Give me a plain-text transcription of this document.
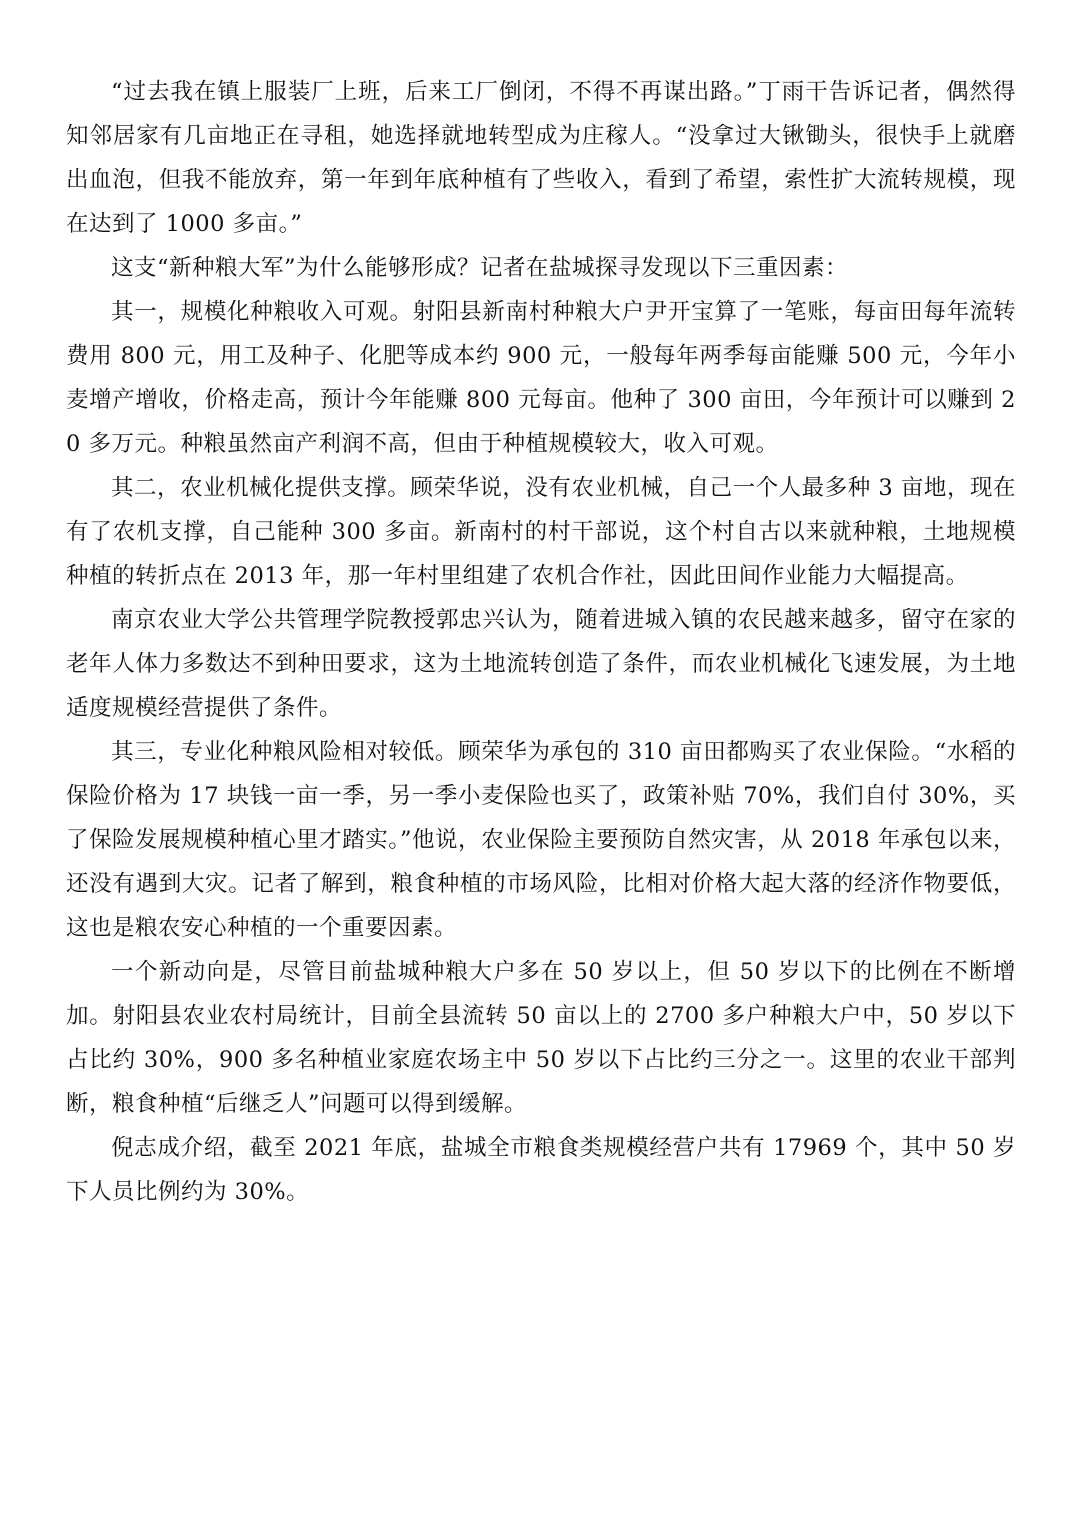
“过去我在镇上服装厂上班，后来工厂倒闭，不得不再谋出路。”丁雨干告诉记者，偶然得知邻居家有几亩地正在寻租，她选择就地转型成为庄稼人。“没拿过大锹锄头，很快手上就磨出血泡，但我不能放弃，第一年到年底种植有了些收入，看到了希望，索性扩大流转规模，现在达到了 1000 多亩。”

这支“新种粮大军”为什么能够形成？记者在盐城探寻发现以下三重因素：

其一，规模化种粮收入可观。射阳县新南村种粮大户尹开宝算了一笔账，每亩田每年流转费用 800 元，用工及种子、化肥等成本约 900 元，一般每年两季每亩能赚 500 元，今年小麦增产增收，价格走高，预计今年能赚 800 元每亩。他种了 300 亩田，今年预计可以赚到 20 多万元。种粮虽然亩产利润不高，但由于种植规模较大，收入可观。

其二，农业机械化提供支撑。顾荣华说，没有农业机械，自己一个人最多种 3 亩地，现在有了农机支撑，自己能种 300 多亩。新南村的村干部说，这个村自古以来就种粮，土地规模种植的转折点在 2013 年，那一年村里组建了农机合作社，因此田间作业能力大幅提高。

南京农业大学公共管理学院教授郭忠兴认为，随着进城入镇的农民越来越多，留守在家的老年人体力多数达不到种田要求，这为土地流转创造了条件，而农业机械化飞速发展，为土地适度规模经营提供了条件。

其三，专业化种粮风险相对较低。顾荣华为承包的 310 亩田都购买了农业保险。“水稻的保险价格为 17 块钱一亩一季，另一季小麦保险也买了，政策补贴 70%，我们自付 30%，买了保险发展规模种植心里才踏实。”他说，农业保险主要预防自然灾害，从 2018 年承包以来，还没有遇到大灾。记者了解到，粮食种植的市场风险，比相对价格大起大落的经济作物要低，这也是粮农安心种植的一个重要因素。

一个新动向是，尽管目前盐城种粮大户多在 50 岁以上，但 50 岁以下的比例在不断增加。射阳县农业农村局统计，目前全县流转 50 亩以上的 2700 多户种粮大户中，50 岁以下占比约 30%，900 多名种植业家庭农场主中 50 岁以下占比约三分之一。这里的农业干部判断，粮食种植“后继乏人”问题可以得到缓解。

倪志成介绍，截至 2021 年底，盐城全市粮食类规模经营户共有 17969 个，其中 50 岁下人员比例约为 30%。
